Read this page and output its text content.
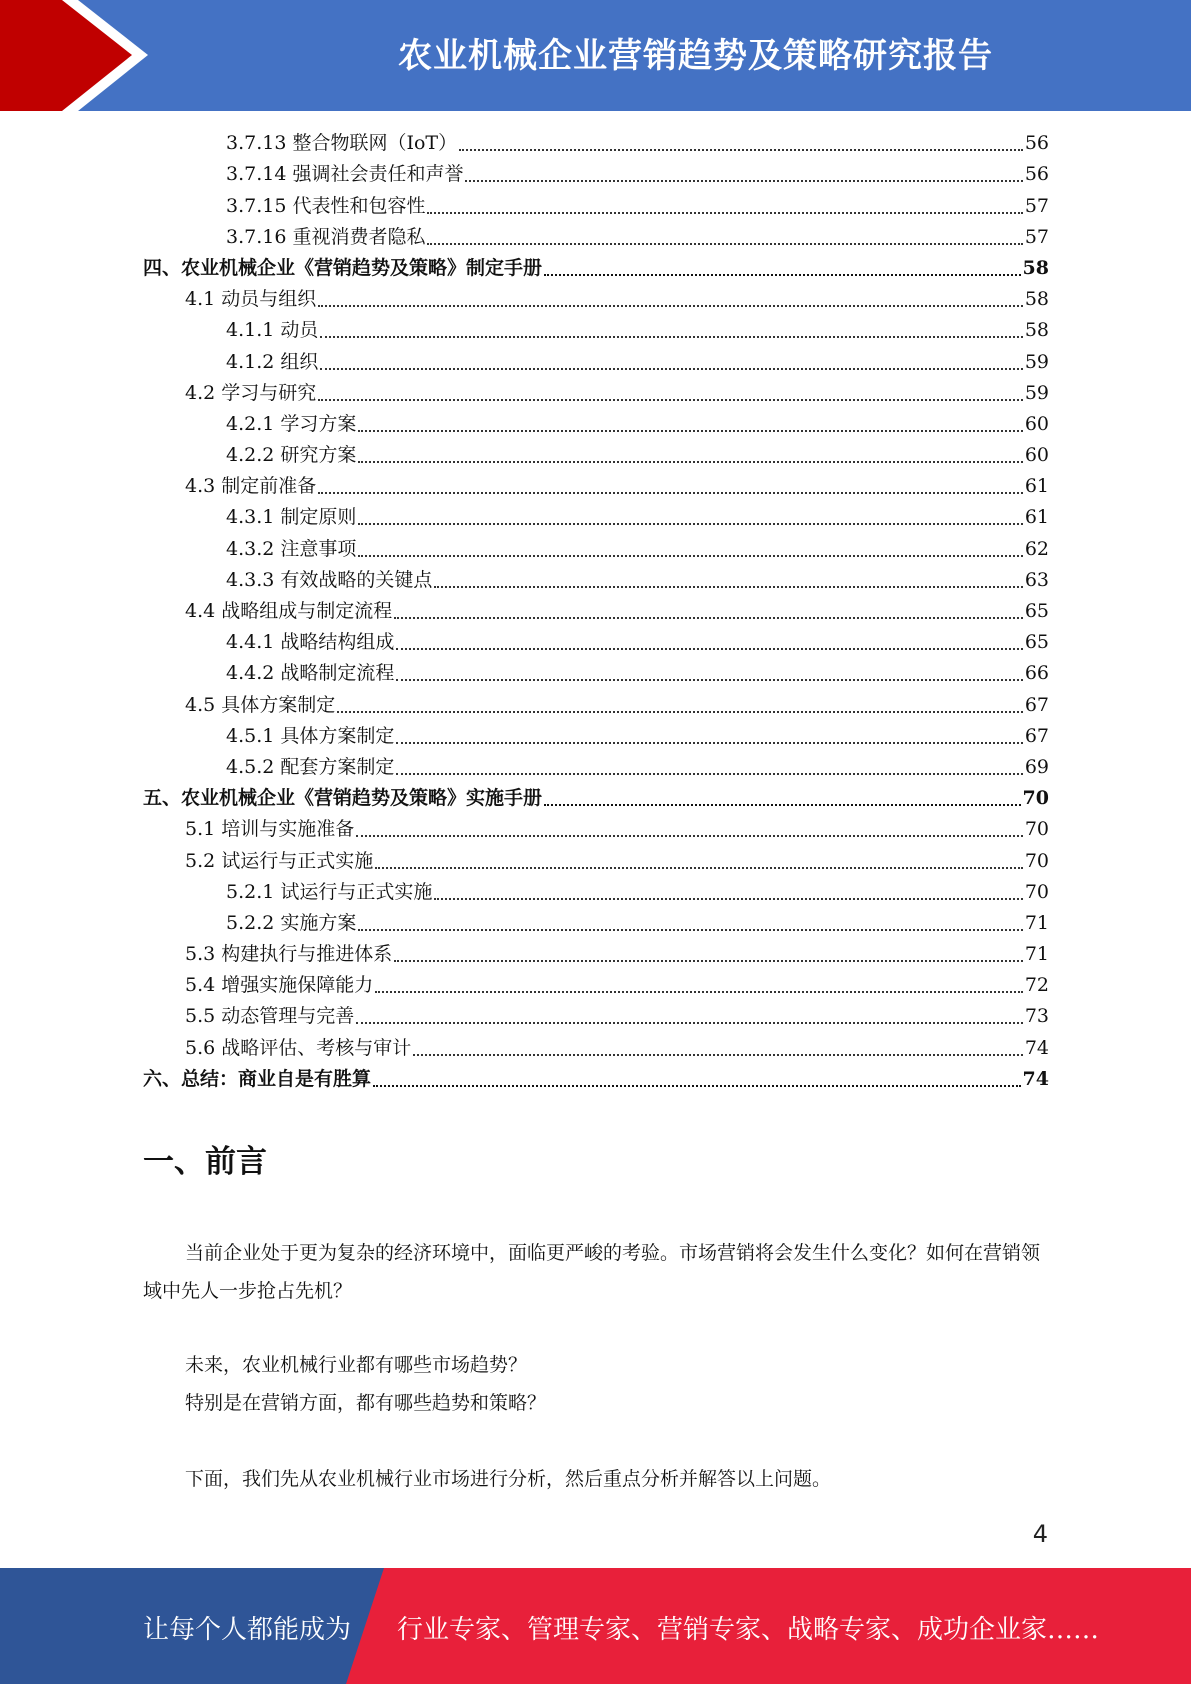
农业机械企业营销趋势及策略研究报告
3.7.13 整合物联网（IoT）	56
3.7.14 强调社会责任和声誉	56
3.7.15 代表性和包容性	57
3.7.16 重视消费者隐私	57
四、农业机械企业《营销趋势及策略》制定手册	58
4.1 动员与组织	58
4.1.1 动员	58
4.1.2 组织	59
4.2 学习与研究	59
4.2.1 学习方案	60
4.2.2 研究方案	60
4.3 制定前准备	61
4.3.1 制定原则	61
4.3.2 注意事项	62
4.3.3 有效战略的关键点	63
4.4 战略组成与制定流程	65
4.4.1 战略结构组成	65
4.4.2 战略制定流程	66
4.5 具体方案制定	67
4.5.1 具体方案制定	67
4.5.2 配套方案制定	69
五、农业机械企业《营销趋势及策略》实施手册	70
5.1 培训与实施准备	70
5.2 试运行与正式实施	70
5.2.1 试运行与正式实施	70
5.2.2 实施方案	71
5.3 构建执行与推进体系	71
5.4 增强实施保障能力	72
5.5 动态管理与完善	73
5.6 战略评估、考核与审计	74
六、总结：商业自是有胜算	74
一、前言
当前企业处于更为复杂的经济环境中，面临更严峻的考验。市场营销将会发生什么变化？如何在营销领域中先人一步抢占先机？
未来，农业机械行业都有哪些市场趋势？
特别是在营销方面，都有哪些趋势和策略？
下面，我们先从农业机械行业市场进行分析，然后重点分析并解答以上问题。
4
让每个人都能成为 行业专家、管理专家、营销专家、战略专家、成功企业家……
